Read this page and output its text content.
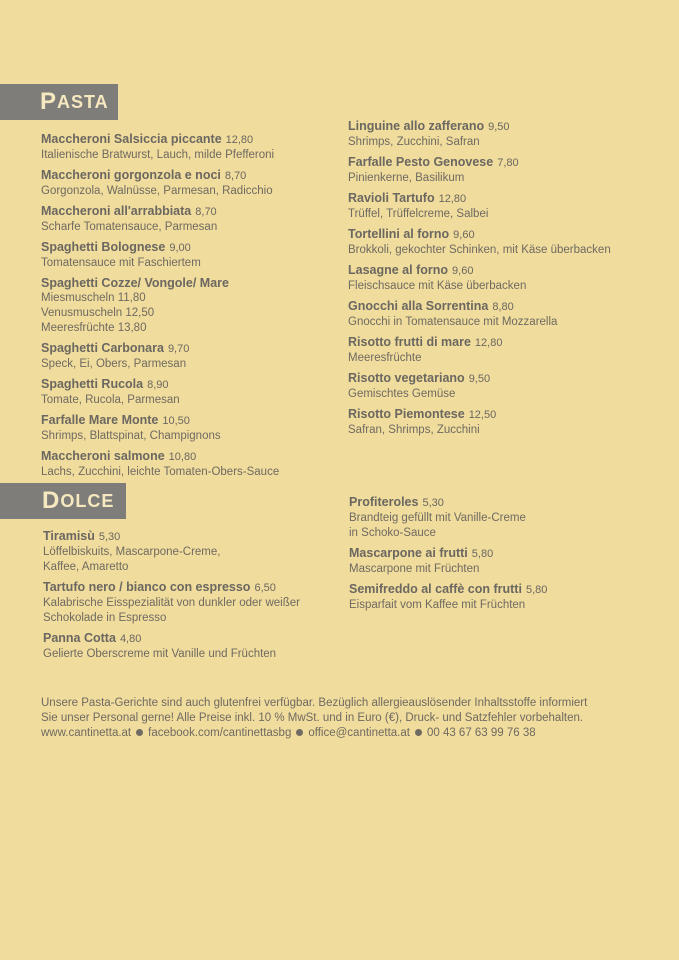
P ASTA
Maccheroni Salsiccia piccante 12,80
Italienische Bratwurst, Lauch, milde Pfefferoni
Maccheroni gorgonzola e noci 8,70
Gorgonzola, Walnüsse, Parmesan, Radicchio
Maccheroni all'arrabbiata 8,70
Scharfe Tomatensauce, Parmesan
Spaghetti Bolognese 9,00
Tomatensauce mit Faschiertem
Spaghetti Cozze/ Vongole/ Mare
Miesmuscheln 11,80
Venusmuscheln 12,50
Meeresfrüchte 13,80
Spaghetti Carbonara 9,70
Speck, Ei, Obers, Parmesan
Spaghetti Rucola 8,90
Tomate, Rucola, Parmesan
Farfalle Mare Monte 10,50
Shrimps, Blattspinat, Champignons
Maccheroni salmone 10,80
Lachs, Zucchini, leichte Tomaten-Obers-Sauce
Linguine allo zafferano 9,50
Shrimps, Zucchini, Safran
Farfalle Pesto Genovese 7,80
Pinienkerne, Basilikum
Ravioli Tartufo 12,80
Trüffel, Trüffelcreme, Salbei
Tortellini al forno 9,60
Brokkoli, gekochter Schinken, mit Käse überbacken
Lasagne al forno 9,60
Fleischsauce mit Käse überbacken
Gnocchi alla Sorrentina 8,80
Gnocchi in Tomatensauce mit Mozzarella
Risotto frutti di mare 12,80
Meeresfrüchte
Risotto vegetariano 9,50
Gemischtes Gemüse
Risotto Piemontese 12,50
Safran, Shrimps, Zucchini
D OLCE
Tiramisù 5,30
Löffelbiskuits, Mascarpone-Creme,
Kaffee, Amaretto
Tartufo nero / bianco con espresso 6,50
Kalabrische Eisspezialität von dunkler oder weißer
Schokolade in Espresso
Panna Cotta 4,80
Gelierte Oberscreme mit Vanille und Früchten
Profiteroles 5,30
Brandteig gefüllt mit Vanille-Creme
in Schoko-Sauce
Mascarpone ai frutti 5,80
Mascarpone mit Früchten
Semifreddo al caffè con frutti 5,80
Eisparfait vom Kaffee mit Früchten
Unsere Pasta-Gerichte sind auch glutenfrei verfügbar. Bezüglich allergieauslösender Inhaltsstoffe informiert
Sie unser Personal gerne! Alle Preise inkl. 10 % MwSt. und in Euro (€), Druck- und Satzfehler vorbehalten.
www.cantinetta.at facebook.com/cantinettasbg office@cantinetta.at 00 43 67 63 99 76 38
